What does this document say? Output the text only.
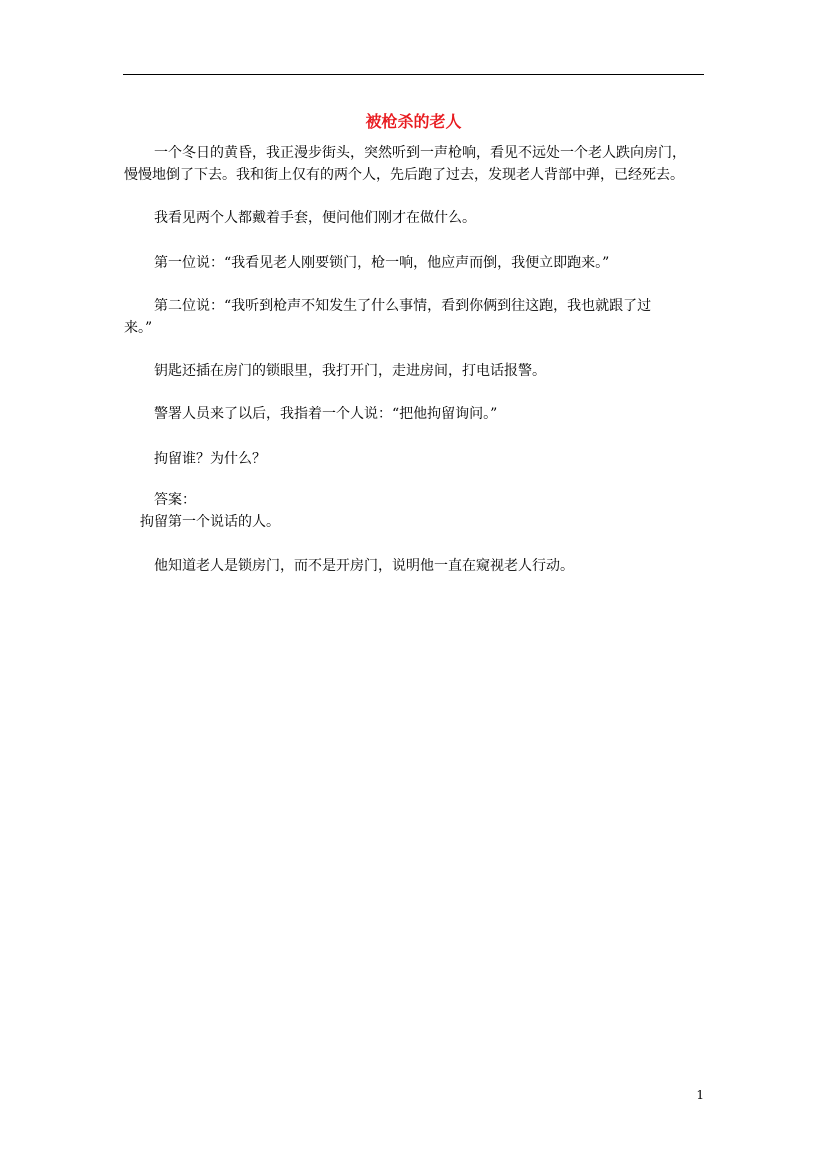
被枪杀的老人
一个冬日的黄昏，我正漫步街头，突然听到一声枪响，看见不远处一个老人跌向房门，
慢慢地倒了下去。我和街上仅有的两个人，先后跑了过去，发现老人背部中弹，已经死去。
我看见两个人都戴着手套，便问他们刚才在做什么。
第一位说：“我看见老人刚要锁门，枪一响，他应声而倒，我便立即跑来。”
第二位说：“我听到枪声不知发生了什么事情，看到你俩到往这跑，我也就跟了过
来。”
钥匙还插在房门的锁眼里，我打开门，走进房间，打电话报警。
警署人员来了以后，我指着一个人说：“把他拘留询问。”
拘留谁？为什么？
答案：
拘留第一个说话的人。
他知道老人是锁房门，而不是开房门，说明他一直在窥视老人行动。
1
